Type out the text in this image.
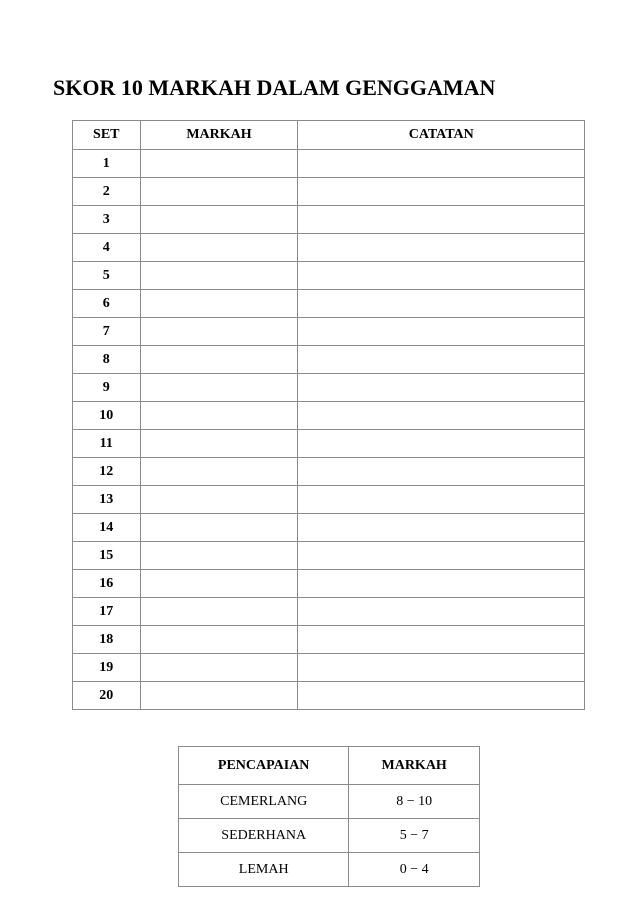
SKOR 10 MARKAH DALAM GENGGAMAN
SET	MARKAH	CATATAN
1		
2		
3		
4		
5		
6		
7		
8		
9		
10		
11		
12		
13		
14		
15		
16		
17		
18		
19		
20		
PENCAPAIAN	MARKAH
CEMERLANG	8 − 10
SEDERHANA	5 − 7
LEMAH	0 − 4
